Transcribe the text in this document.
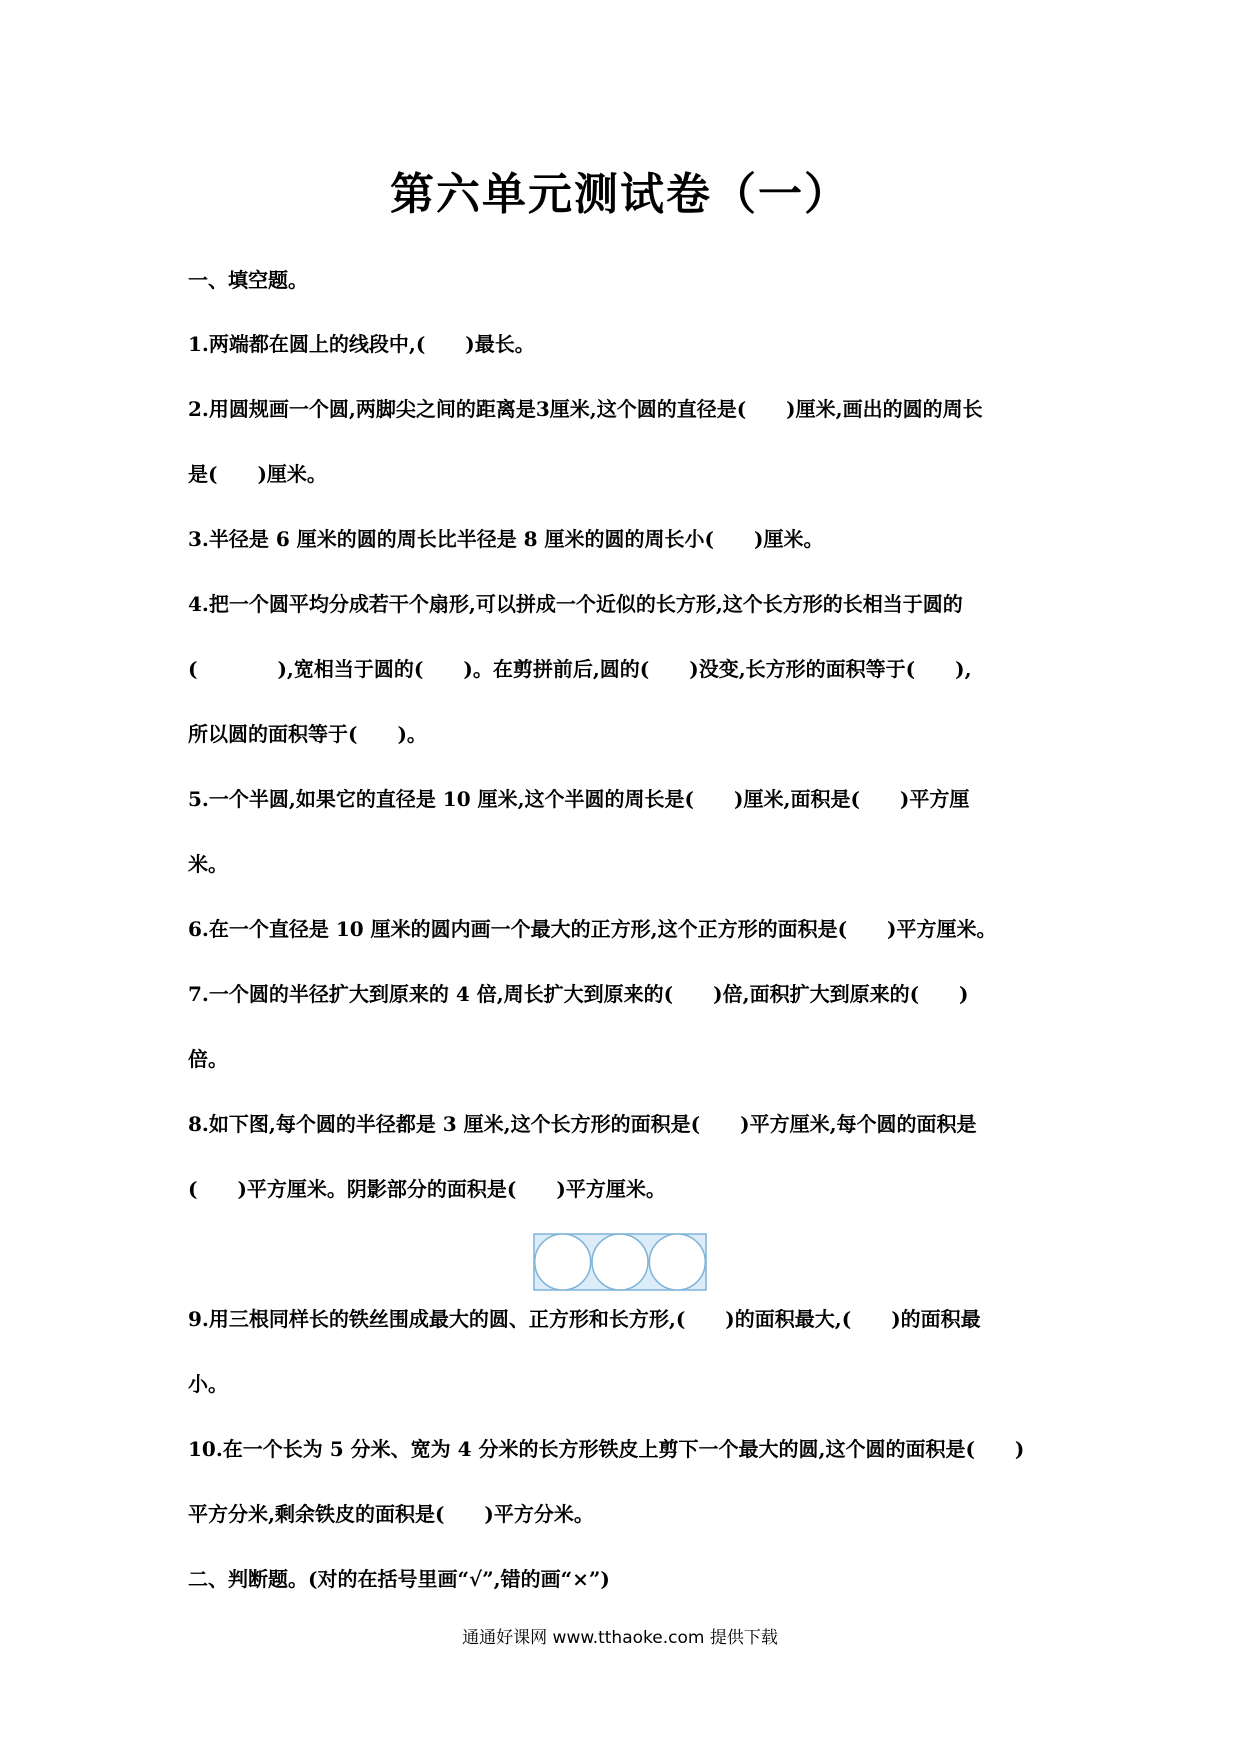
第六单元测试卷（一）
一、填空题。
1.两端都在圆上的线段中,(　　)最长。
2.用圆规画一个圆,两脚尖之间的距离是3厘米,这个圆的直径是(　　)厘米,画出的圆的周长
是(　　)厘米。
3.半径是 6 厘米的圆的周长比半径是 8 厘米的圆的周长小(　　)厘米。
4.把一个圆平均分成若干个扇形,可以拼成一个近似的长方形,这个长方形的长相当于圆的
(　　　　),宽相当于圆的(　　)。在剪拼前后,圆的(　　)没变,长方形的面积等于(　　),
所以圆的面积等于(　　)。
5.一个半圆,如果它的直径是 10 厘米,这个半圆的周长是(　　)厘米,面积是(　　)平方厘
米。
6.在一个直径是 10 厘米的圆内画一个最大的正方形,这个正方形的面积是(　　)平方厘米。
7.一个圆的半径扩大到原来的 4 倍,周长扩大到原来的(　　)倍,面积扩大到原来的(　　)
倍。
8.如下图,每个圆的半径都是 3 厘米,这个长方形的面积是(　　)平方厘米,每个圆的面积是
(　　)平方厘米。阴影部分的面积是(　　)平方厘米。
9.用三根同样长的铁丝围成最大的圆、正方形和长方形,(　　)的面积最大,(　　)的面积最
小。
10.在一个长为 5 分米、宽为 4 分米的长方形铁皮上剪下一个最大的圆,这个圆的面积是(　　)
平方分米,剩余铁皮的面积是(　　)平方分米。
二、判断题。(对的在括号里画“√”,错的画“×”)
通通好课网 www.tthaoke.com 提供下载
